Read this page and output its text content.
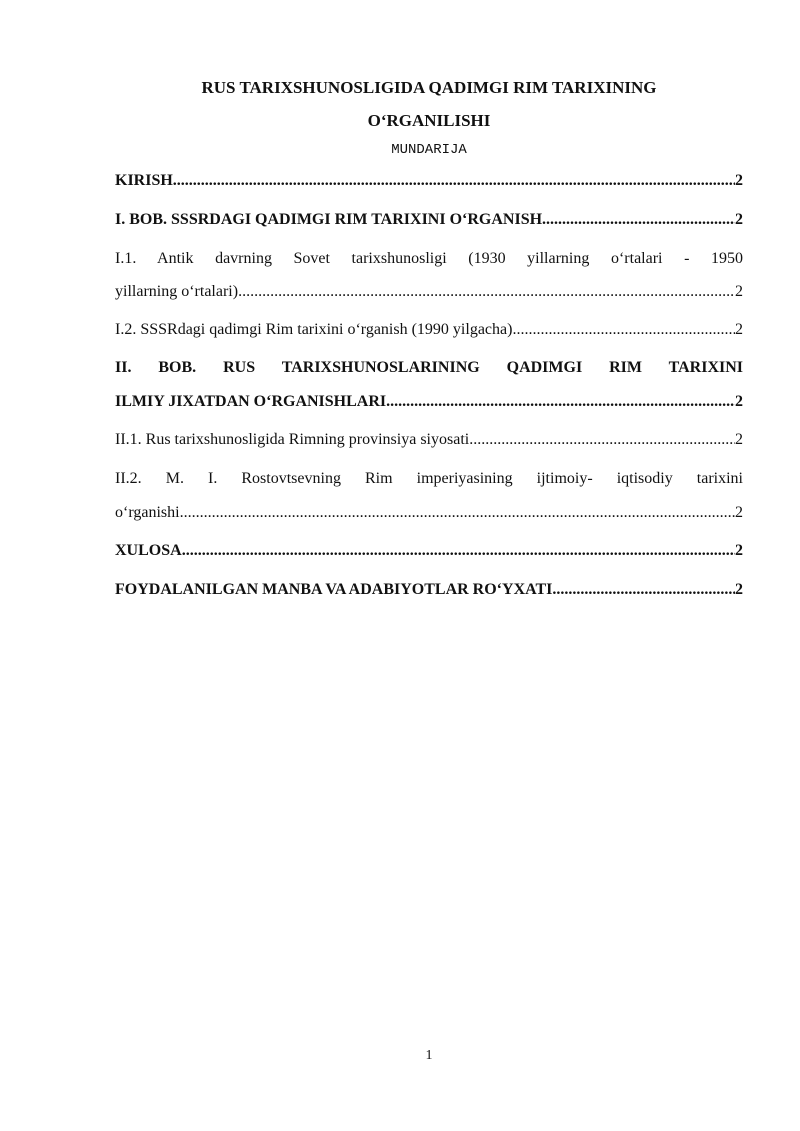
RUS TARIXSHUNOSLIGIDA QADIMGI RIM TARIXINING
O‘RGANILISHI
MUNDARIJA
KIRISH .....	2
I. BOB. SSSRDAGI QADIMGI RIM TARIXINI O‘RGANISH .....	2
I.1. Antik davrning Sovet tarixshunosligi (1930 yillarning o‘rtalari - 1950
yillarning o‘rtalari) .....	2
I.2. SSSRdagi qadimgi Rim tarixini o‘rganish (1990 yilgacha) .....	2
II. BOB. RUS TARIXSHUNOSLARINING QADIMGI RIM TARIXINI
ILMIY JIXATDAN O‘RGANISHLARI .....	2
II.1. Rus tarixshunosligida Rimning provinsiya siyosati .....	2
II.2. M. I. Rostovtsevning Rim imperiyasining ijtimoiy- iqtisodiy tarixini
o‘rganishi .....	2
XULOSA .....	2
FOYDALANILGAN MANBA VA ADABIYOTLAR RO‘YXATI .....	2
1
